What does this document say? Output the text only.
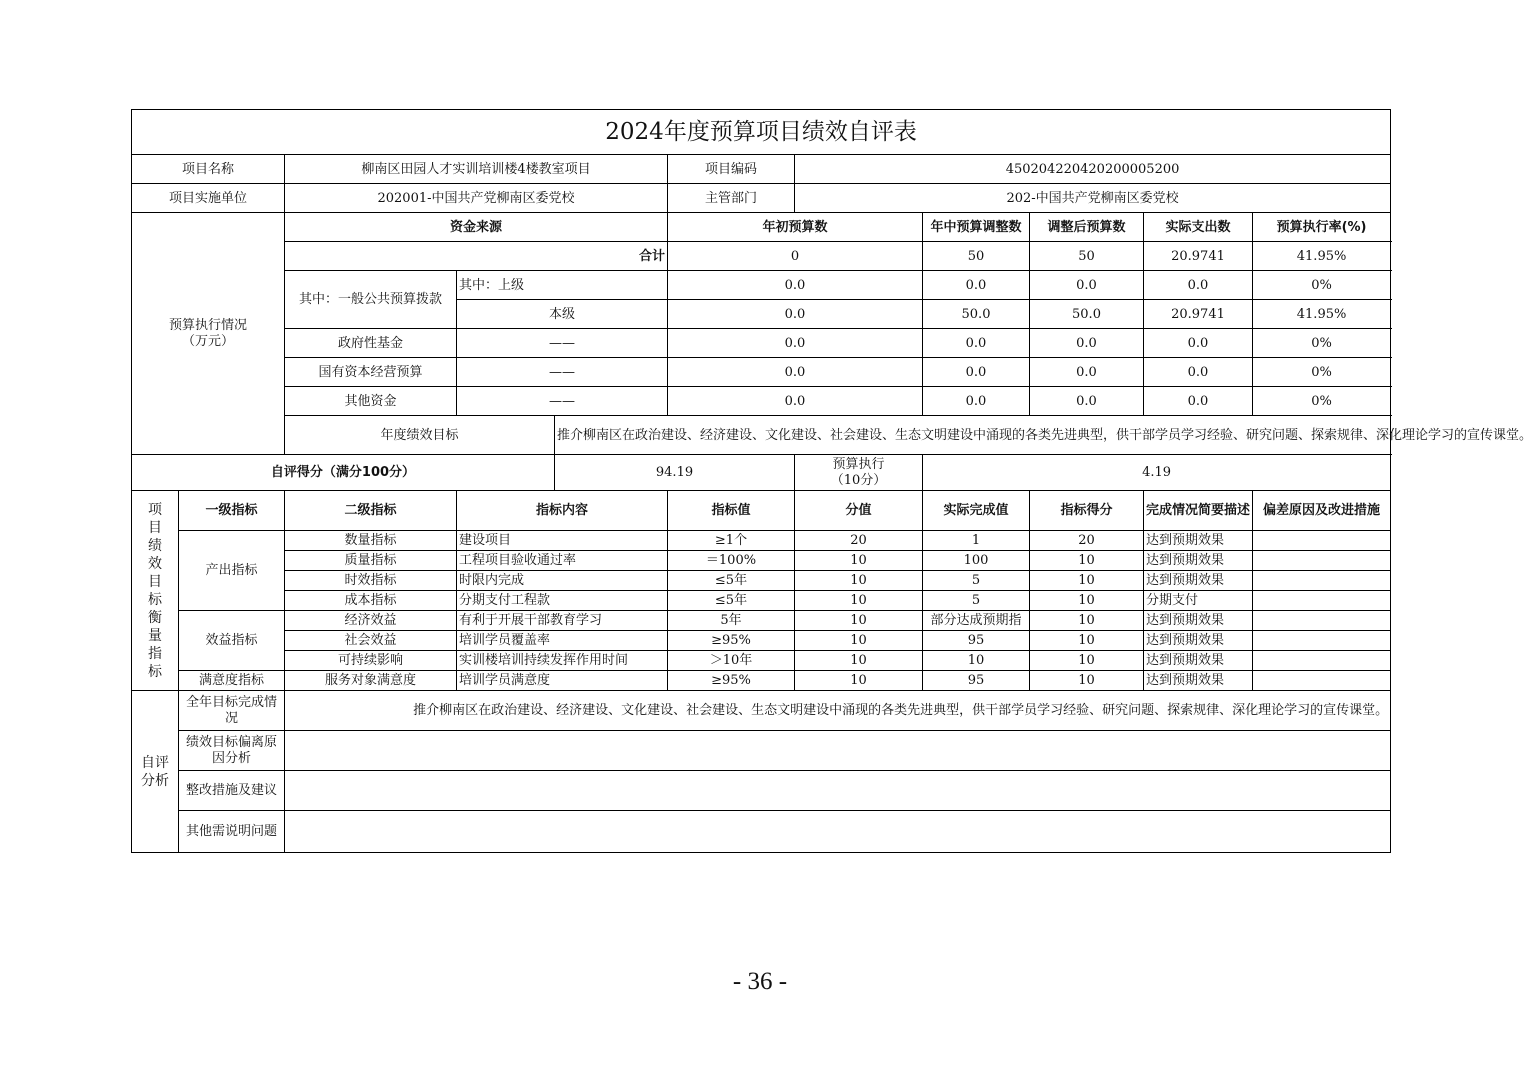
2024年度预算项目绩效自评表										
项目名称		柳南区田园人才实训培训楼4楼教室项目			项目编码	450204220420200005200				
项目实施单位		202001-中国共产党柳南区委党校			主管部门	202-中国共产党柳南区委党校				
预算执行情况
（万元）		资金来源			年初预算数		年中预算调整数	调整后预算数	实际支出数	预算执行率(%)
		合计			0		50	50	20.9741	41.95%
		其中：一般公共预算拨款	其中：上级		0.0		0.0	0.0	0.0	0%
			本级		0.0		50.0	50.0	20.9741	41.95%
		政府性基金	——		0.0		0.0	0.0	0.0	0%
		国有资本经营预算	——		0.0		0.0	0.0	0.0	0%
		其他资金	——		0.0		0.0	0.0	0.0	0%
		年度绩效目标		推介柳南区在政治建设、经济建设、文化建设、社会建设、生态文明建设中涌现的各类先进典型，供干部学员学习经验、研究问题、探索规律、深化理论学习的宣传课堂。						
自评得分（满分100分）				94.19		预算执行
（10分）	4.19			
项目绩效目标衡量指标	一级指标	二级指标	指标内容		指标值	分值	实际完成值	指标得分	完成情况简要描述	偏差原因及改进措施
	产出指标	数量指标	建设项目		≥1个	20	1	20	达到预期效果	
		质量指标	工程项目验收通过率		＝100%	10	100	10	达到预期效果	
		时效指标	时限内完成		≤5年	10	5	10	达到预期效果	
		成本指标	分期支付工程款		≤5年	10	5	10	分期支付	
	效益指标	经济效益	有利于开展干部教育学习		5年	10	部分达成预期指	10	达到预期效果	
		社会效益	培训学员覆盖率		≥95%	10	95	10	达到预期效果	
		可持续影响	实训楼培训持续发挥作用时间		＞10年	10	10	10	达到预期效果	
	满意度指标	服务对象满意度	培训学员满意度		≥95%	10	95	10	达到预期效果	
自评分析	全年目标完成情况	推介柳南区在政治建设、经济建设、文化建设、社会建设、生态文明建设中涌现的各类先进典型，供干部学员学习经验、研究问题、探索规律、深化理论学习的宣传课堂。								
	绩效目标偏离原因分析									
	整改措施及建议									
	其他需说明问题									
- 36 -
